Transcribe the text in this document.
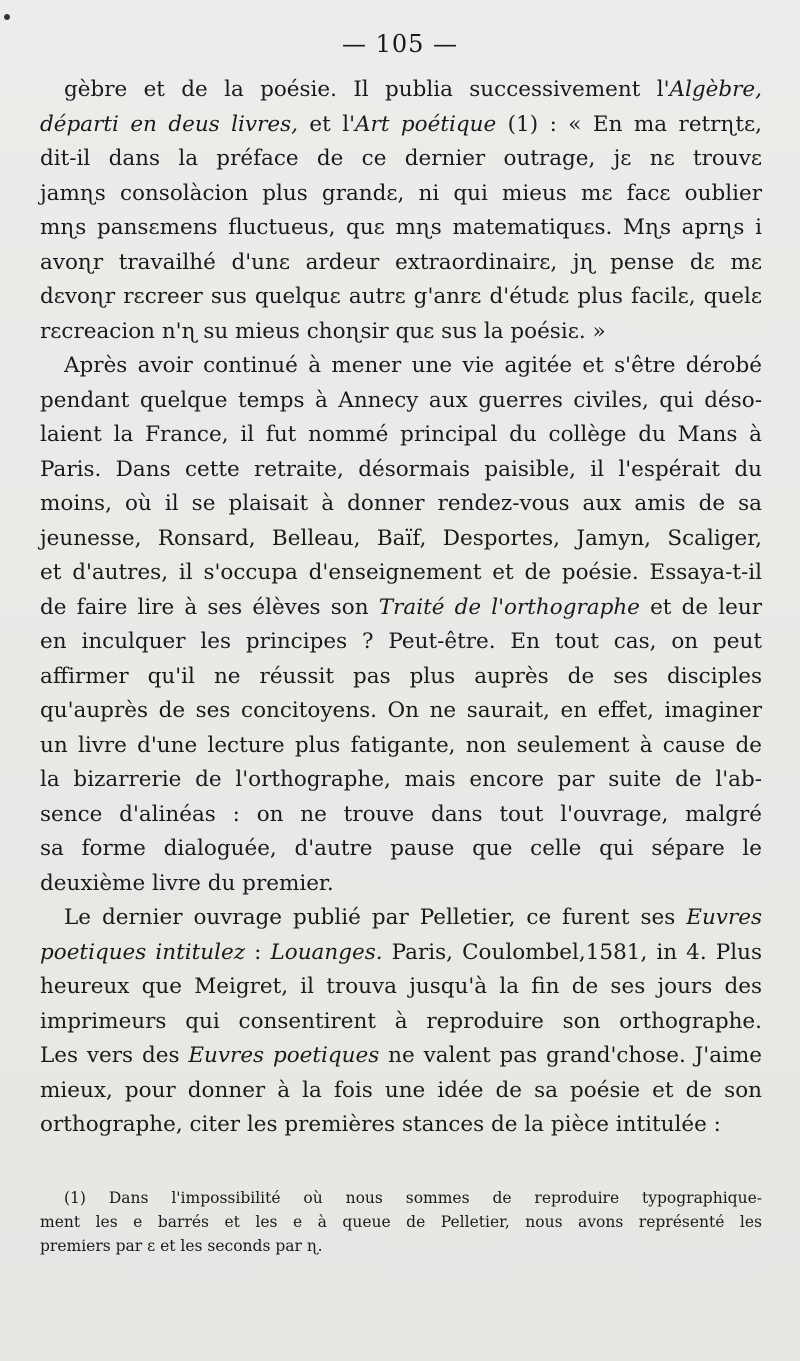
— 105 —
gèbre et de la poésie. Il publia successivement l'Algèbre,
départi en deus livres, et l'Art poétique (1) : « En ma retrɳtɛ,
dit-il dans la préface de ce dernier outrage, jɛ nɛ trouvɛ
jamɳs consolàcion plus grandɛ, ni qui mieus mɛ facɛ oublier
mɳs pansɛmens fluctueus, quɛ mɳs matematiquɛs. Mɳs aprɳs i
avoɳr travailhé d'unɛ ardeur extraordinairɛ, jɳ pense dɛ mɛ
dɛvoɳr rɛcreer sus quelquɛ autrɛ g'anrɛ d'étudɛ plus facilɛ, quelɛ
rɛcreacion n'ɳ su mieus choɳsir quɛ sus la poésiɛ. »
Après avoir continué à mener une vie agitée et s'être dérobé
pendant quelque temps à Annecy aux guerres civiles, qui déso-
laient la France, il fut nommé principal du collège du Mans à
Paris. Dans cette retraite, désormais paisible, il l'espérait du
moins, où il se plaisait à donner rendez-vous aux amis de sa
jeunesse, Ronsard, Belleau, Baïf, Desportes, Jamyn, Scaliger,
et d'autres, il s'occupa d'enseignement et de poésie. Essaya-t-il
de faire lire à ses élèves son Traité de l'orthographe et de leur
en inculquer les principes ? Peut-être. En tout cas, on peut
affirmer qu'il ne réussit pas plus auprès de ses disciples
qu'auprès de ses concitoyens. On ne saurait, en effet, imaginer
un livre d'une lecture plus fatigante, non seulement à cause de
la bizarrerie de l'orthographe, mais encore par suite de l'ab-
sence d'alinéas : on ne trouve dans tout l'ouvrage, malgré
sa forme dialoguée, d'autre pause que celle qui sépare le
deuxième livre du premier.
Le dernier ouvrage publié par Pelletier, ce furent ses Euvres
poetiques intitulez : Louanges. Paris, Coulombel,1581, in 4. Plus
heureux que Meigret, il trouva jusqu'à la fin de ses jours des
imprimeurs qui consentirent à reproduire son orthographe.
Les vers des Euvres poetiques ne valent pas grand'chose. J'aime
mieux, pour donner à la fois une idée de sa poésie et de son
orthographe, citer les premières stances de la pièce intitulée :
(1) Dans l'impossibilité où nous sommes de reproduire typographique-
ment les e barrés et les e à queue de Pelletier, nous avons représenté les
premiers par ɛ et les seconds par ɳ.
